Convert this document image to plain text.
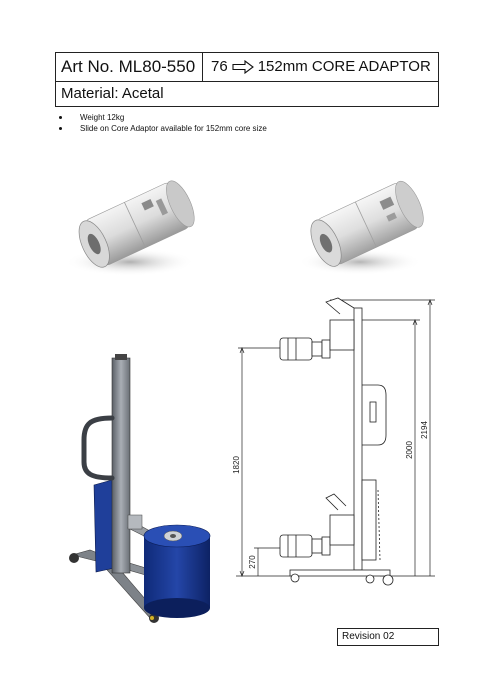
Art No. ML80-550	76 152mm CORE ADAPTOR
Material: Acetal
Weight 12kg
Slide on Core Adaptor available for 152mm core size
1820
270
2000
2194
Revision 02
